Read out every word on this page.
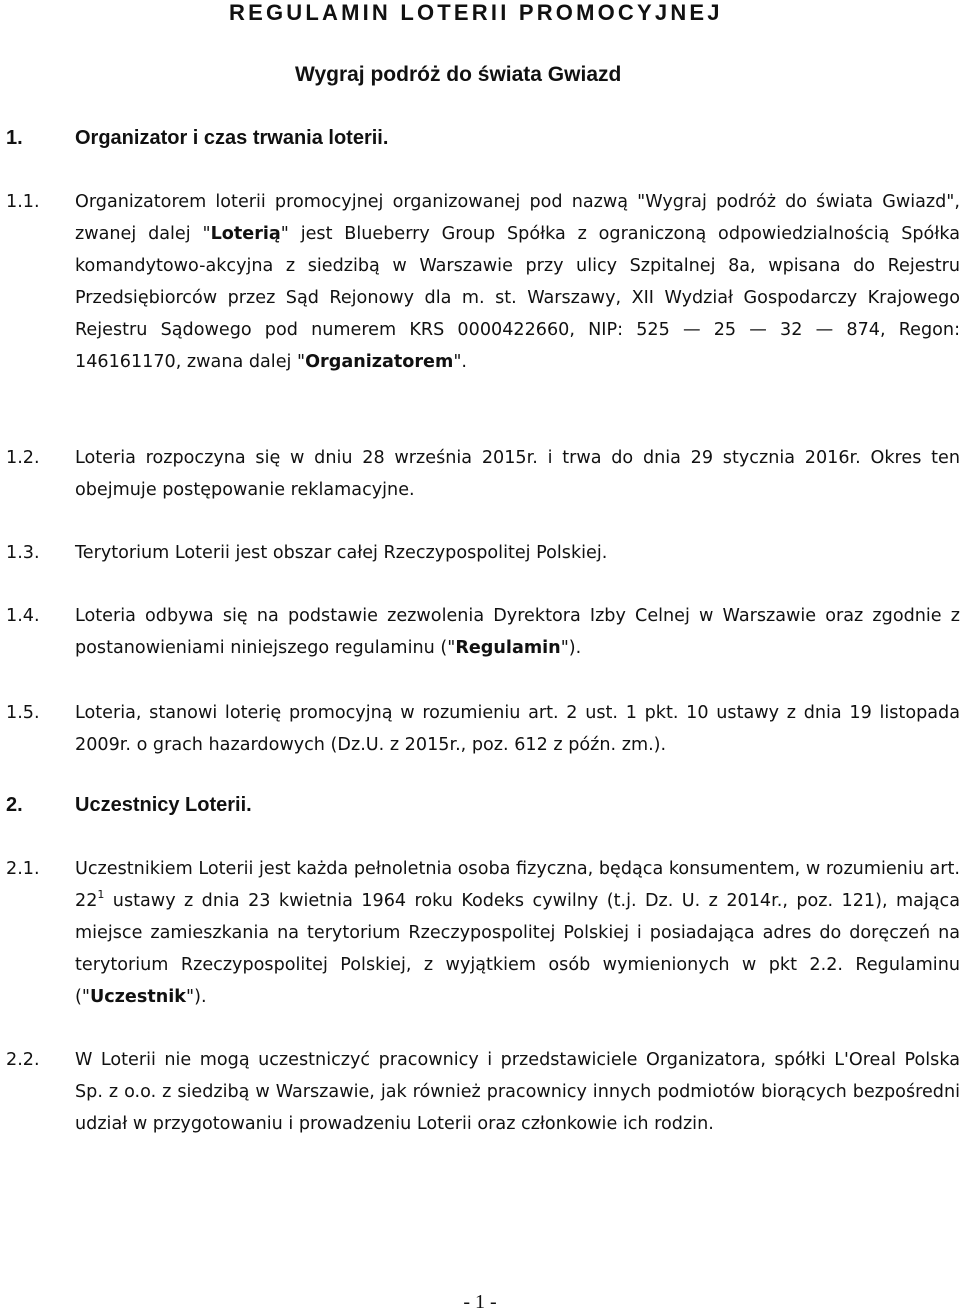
REGULAMIN LOTERII PROMOCYJNEJ
Wygraj podróż do świata Gwiazd
1.	Organizator i czas trwania loterii.
1.1. Organizatorem loterii promocyjnej organizowanej pod nazwą "Wygraj podróż do świata Gwiazd", zwanej dalej "Loterią" jest Blueberry Group Spółka z ograniczoną odpowiedzialnością Spółka komandytowo-akcyjna z siedzibą w Warszawie przy ulicy Szpitalnej 8a, wpisana do Rejestru Przedsiębiorców przez Sąd Rejonowy dla m. st. Warszawy, XII Wydział Gospodarczy Krajowego Rejestru Sądowego pod numerem KRS 0000422660, NIP: 525 — 25 — 32 — 874, Regon: 146161170, zwana dalej "Organizatorem".
1.2. Loteria rozpoczyna się w dniu 28 września 2015r. i trwa do dnia 29 stycznia 2016r. Okres ten obejmuje postępowanie reklamacyjne.
1.3. Terytorium Loterii jest obszar całej Rzeczypospolitej Polskiej.
1.4. Loteria odbywa się na podstawie zezwolenia Dyrektora Izby Celnej w Warszawie oraz zgodnie z postanowieniami niniejszego regulaminu ("Regulamin").
1.5. Loteria, stanowi loterię promocyjną w rozumieniu art. 2 ust. 1 pkt. 10 ustawy z dnia 19 listopada 2009r. o grach hazardowych (Dz.U. z 2015r., poz. 612 z późn. zm.).
2.	Uczestnicy Loterii.
2.1. Uczestnikiem Loterii jest każda pełnoletnia osoba fizyczna, będąca konsumentem, w rozumieniu art. $22^1$ ustawy z dnia 23 kwietnia 1964 roku Kodeks cywilny (t.j. Dz. U. z 2014r., poz. 121), mająca miejsce zamieszkania na terytorium Rzeczypospolitej Polskiej i posiadająca adres do doręczeń na terytorium Rzeczypospolitej Polskiej, z wyjątkiem osób wymienionych w pkt 2.2. Regulaminu ("Uczestnik").
2.2. W Loterii nie mogą uczestniczyć pracownicy i przedstawiciele Organizatora, spółki L'Oreal Polska Sp. z o.o. z siedzibą w Warszawie, jak również pracownicy innych podmiotów biorących bezpośredni udział w przygotowaniu i prowadzeniu Loterii oraz członkowie ich rodzin.
- 1 -
